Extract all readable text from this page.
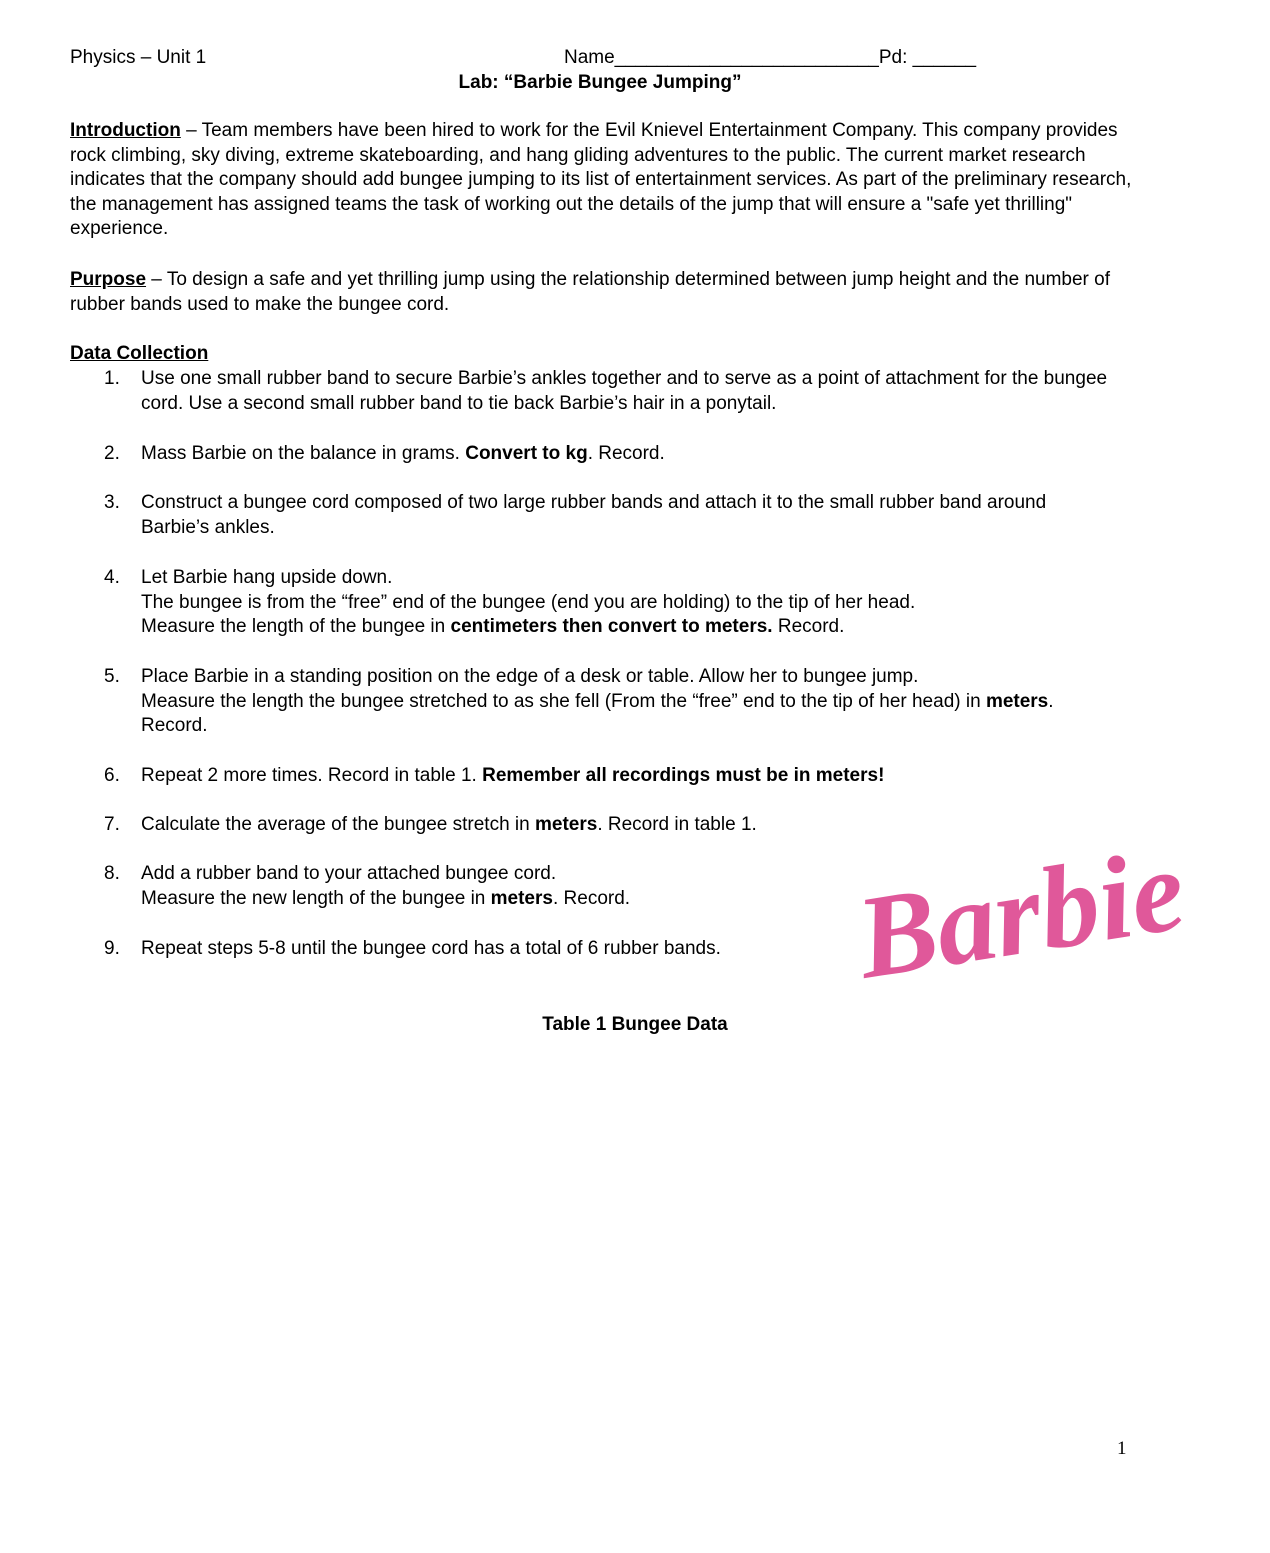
Physics – Unit 1	Name_________________________Pd: ______
Lab: “Barbie Bungee Jumping”
Introduction – Team members have been hired to work for the Evil Knievel Entertainment Company. This company provides rock climbing, sky diving, extreme skateboarding, and hang gliding adventures to the public. The current market research indicates that the company should add bungee jumping to its list of entertainment services. As part of the preliminary research, the management has assigned teams the task of working out the details of the jump that will ensure a "safe yet thrilling" experience.
Purpose – To design a safe and yet thrilling jump using the relationship determined between jump height and the number of rubber bands used to make the bungee cord.
Data Collection
1. Use one small rubber band to secure Barbie’s ankles together and to serve as a point of attachment for the bungee cord. Use a second small rubber band to tie back Barbie’s hair in a ponytail.
2. Mass Barbie on the balance in grams. Convert to kg. Record.
3. Construct a bungee cord composed of two large rubber bands and attach it to the small rubber band around Barbie’s ankles.
4. Let Barbie hang upside down.
The bungee is from the “free” end of the bungee (end you are holding) to the tip of her head.
Measure the length of the bungee in centimeters then convert to meters. Record.
5. Place Barbie in a standing position on the edge of a desk or table. Allow her to bungee jump.
Measure the length the bungee stretched to as she fell (From the “free” end to the tip of her head) in meters. Record.
6. Repeat 2 more times. Record in table 1. Remember all recordings must be in meters!
7. Calculate the average of the bungee stretch in meters. Record in table 1.
8. Add a rubber band to your attached bungee cord.
Measure the new length of the bungee in meters. Record.
9. Repeat steps 5-8 until the bungee cord has a total of 6 rubber bands.	Barbie
Table 1 Bungee Data
1
